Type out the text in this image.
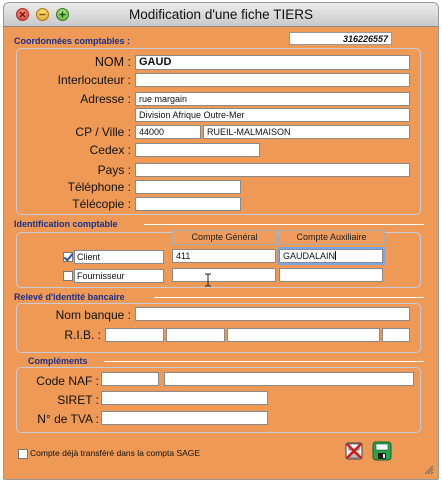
Modification d'une fiche TIERS
316226557
Coordonnées comptables :
NOM : GAUD
Interlocuteur :
Adresse : rue margain
Division Afrique Outre-Mer
CP / Ville : 44000	RUEIL-MALMAISON
Cedex :
Pays :
Téléphone :
Télécopie :
Identification comptable
Compte Général	Compte Auxiliaire
Client	411	GAUDALAIN
Fournisseur
Relevé d'identité bancaire
Nom banque :
R.I.B. :
Compléments
Code NAF :
SIRET :
N° de TVA :
Compte déjà transféré dans la compta SAGE
